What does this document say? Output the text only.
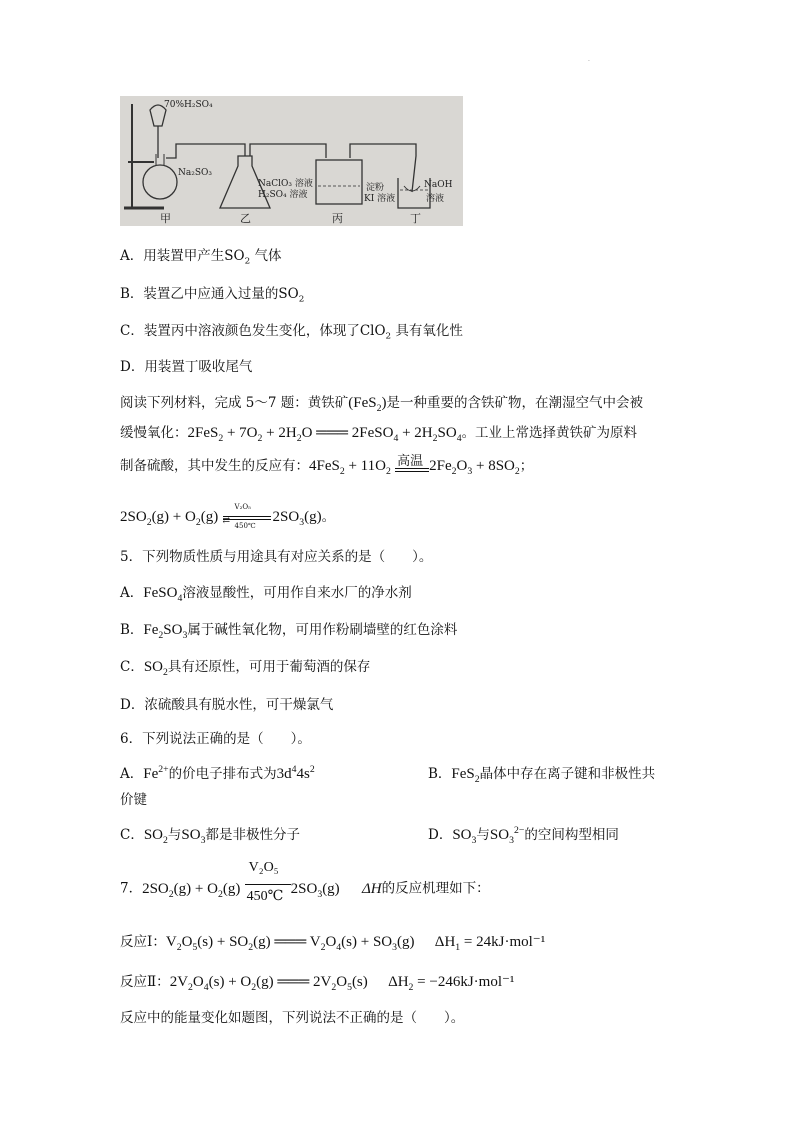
·
70%H₂SO₄
Na₂SO₃
NaClO₃ 溶液
H₂SO₄ 溶液
淀粉
KI 溶液
NaOH
溶液
甲	乙	丙	丁
A．用装置甲产生$SO_2$ 气体
B．装置乙中应通入过量的$SO_2$
C．装置丙中溶液颜色发生变化，体现了ClO$_2$ 具有氧化性
D．用装置丁吸收尾气
阅读下列材料，完成 5～7 题：黄铁矿(FeS$_2$)是一种重要的含铁矿物，在潮湿空气中会被
缓慢氧化：$2FeS_2 + 7O_2 + 2H_2O$ ═══ 2FeSO$_4$ + $2H_2SO_4$。工业上常选择黄铁矿为原料
制备硫酸，其中发生的反应有：$4FeS_2 + 11O_2$
高温 $2Fe_2O_3 + 8SO_2$；
$2SO_2(g) + O_2(g)$
V₂O₅
⇄ 450℃
$2SO_3(g)$。
5．下列物质性质与用途具有对应关系的是（　　）。
A．FeSO$_4$溶液显酸性，可用作自来水厂的净水剂
B．$Fe_2SO_3$属于碱性氧化物，可用作粉刷墙壁的红色涂料
C．$SO_2$具有还原性，可用于葡萄酒的保存
D．浓硫酸具有脱水性，可干燥氯气
6．下列说法正确的是（　　）。
A．$Fe^{2+}$的价电子排布式为$3d^44s^2$	B．FeS$_2$晶体中存在离子键和非极性共
价键
C．$SO_2$与$SO_3$都是非极性分子	D．$SO_3$与$SO_3^{2-}$的空间构型相同
7．$2SO_2(g) + O_2(g) \frac{\text{V₂O₅}}{450℃} 2SO_3(g)$ ΔH的反应机理如下：
反应Ⅰ：$V_2O_5(s) + SO_2(g)$ ═══ $V_2O_4(s) + SO_3(g) \Delta H_1 = 24kJ\cdot mol^{-1}$
反应Ⅱ：$2V_2O_4(s) + O_2(g)$ ═══ $2V_2O_5(s) \Delta H_2 = -246kJ\cdot mol^{-1}$
反应中的能量变化如题图，下列说法不正确的是（　　）。
